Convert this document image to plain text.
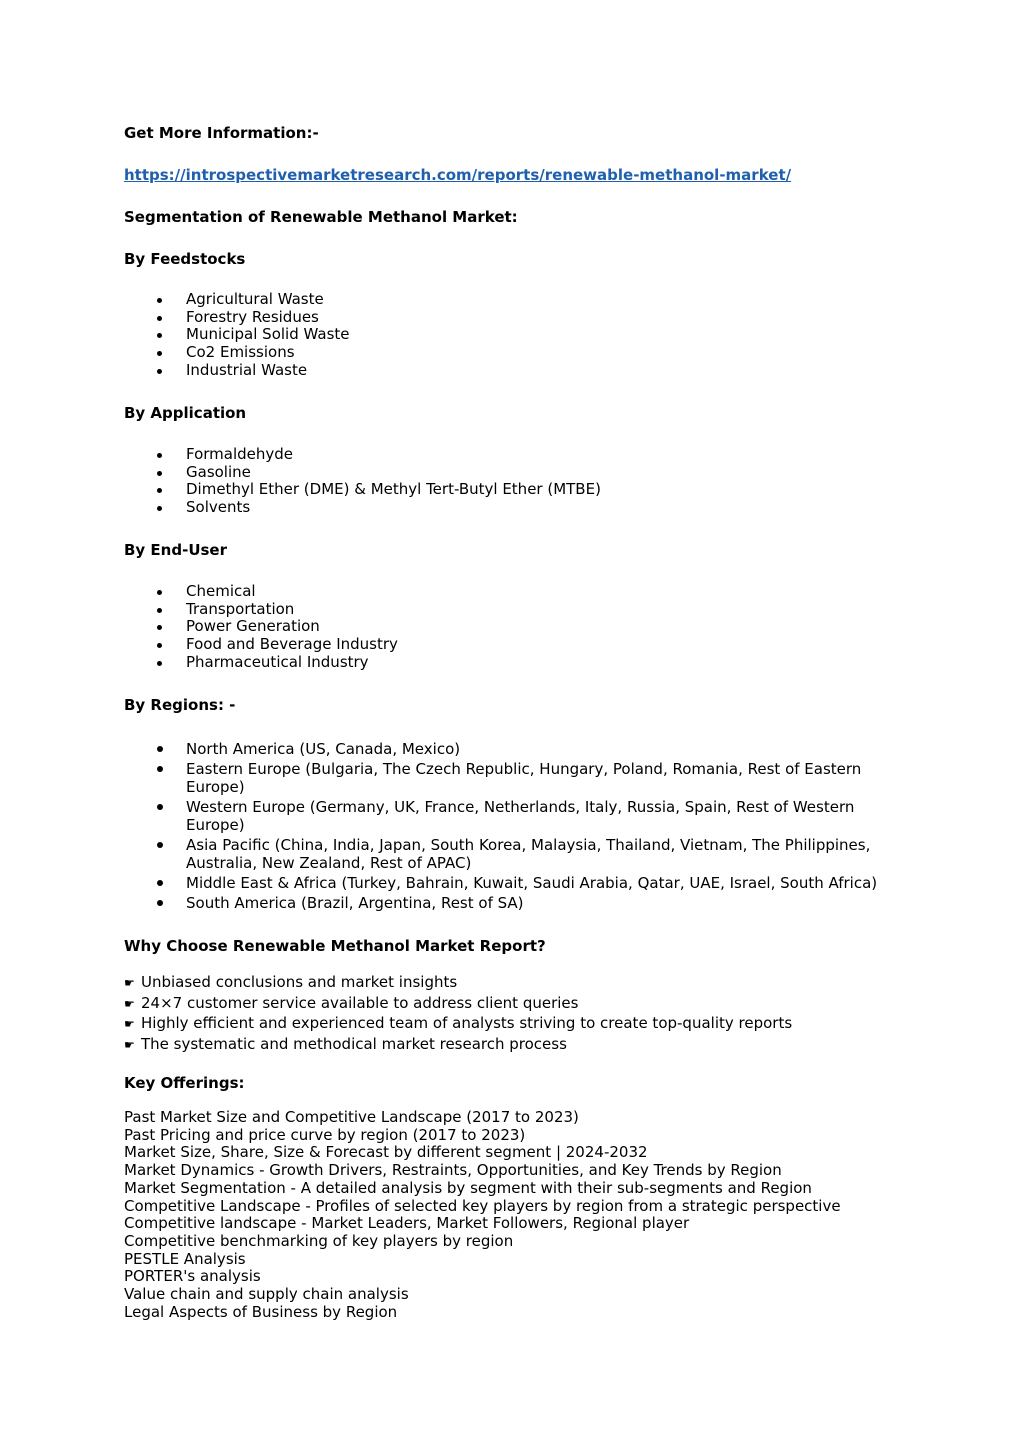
Get More Information:-
https://introspectivemarketresearch.com/reports/renewable-methanol-market/
Segmentation of Renewable Methanol Market:
By Feedstocks
Agricultural Waste
Forestry Residues
Municipal Solid Waste
Co2 Emissions
Industrial Waste
By Application
Formaldehyde
Gasoline
Dimethyl Ether (DME) & Methyl Tert-Butyl Ether (MTBE)
Solvents
By End-User
Chemical
Transportation
Power Generation
Food and Beverage Industry
Pharmaceutical Industry
By Regions: -
North America (US, Canada, Mexico)
Eastern Europe (Bulgaria, The Czech Republic, Hungary, Poland, Romania, Rest of Eastern Europe)
Western Europe (Germany, UK, France, Netherlands, Italy, Russia, Spain, Rest of Western Europe)
Asia Pacific (China, India, Japan, South Korea, Malaysia, Thailand, Vietnam, The Philippines, Australia, New Zealand, Rest of APAC)
Middle East & Africa (Turkey, Bahrain, Kuwait, Saudi Arabia, Qatar, UAE, Israel, South Africa)
South America (Brazil, Argentina, Rest of SA)
Why Choose Renewable Methanol Market Report?
☛ Unbiased conclusions and market insights
☛ 24×7 customer service available to address client queries
☛ Highly efficient and experienced team of analysts striving to create top-quality reports
☛ The systematic and methodical market research process
Key Offerings:
Past Market Size and Competitive Landscape (2017 to 2023)
Past Pricing and price curve by region (2017 to 2023)
Market Size, Share, Size & Forecast by different segment | 2024-2032
Market Dynamics - Growth Drivers, Restraints, Opportunities, and Key Trends by Region
Market Segmentation - A detailed analysis by segment with their sub-segments and Region
Competitive Landscape - Profiles of selected key players by region from a strategic perspective
Competitive landscape - Market Leaders, Market Followers, Regional player
Competitive benchmarking of key players by region
PESTLE Analysis
PORTER's analysis
Value chain and supply chain analysis
Legal Aspects of Business by Region
